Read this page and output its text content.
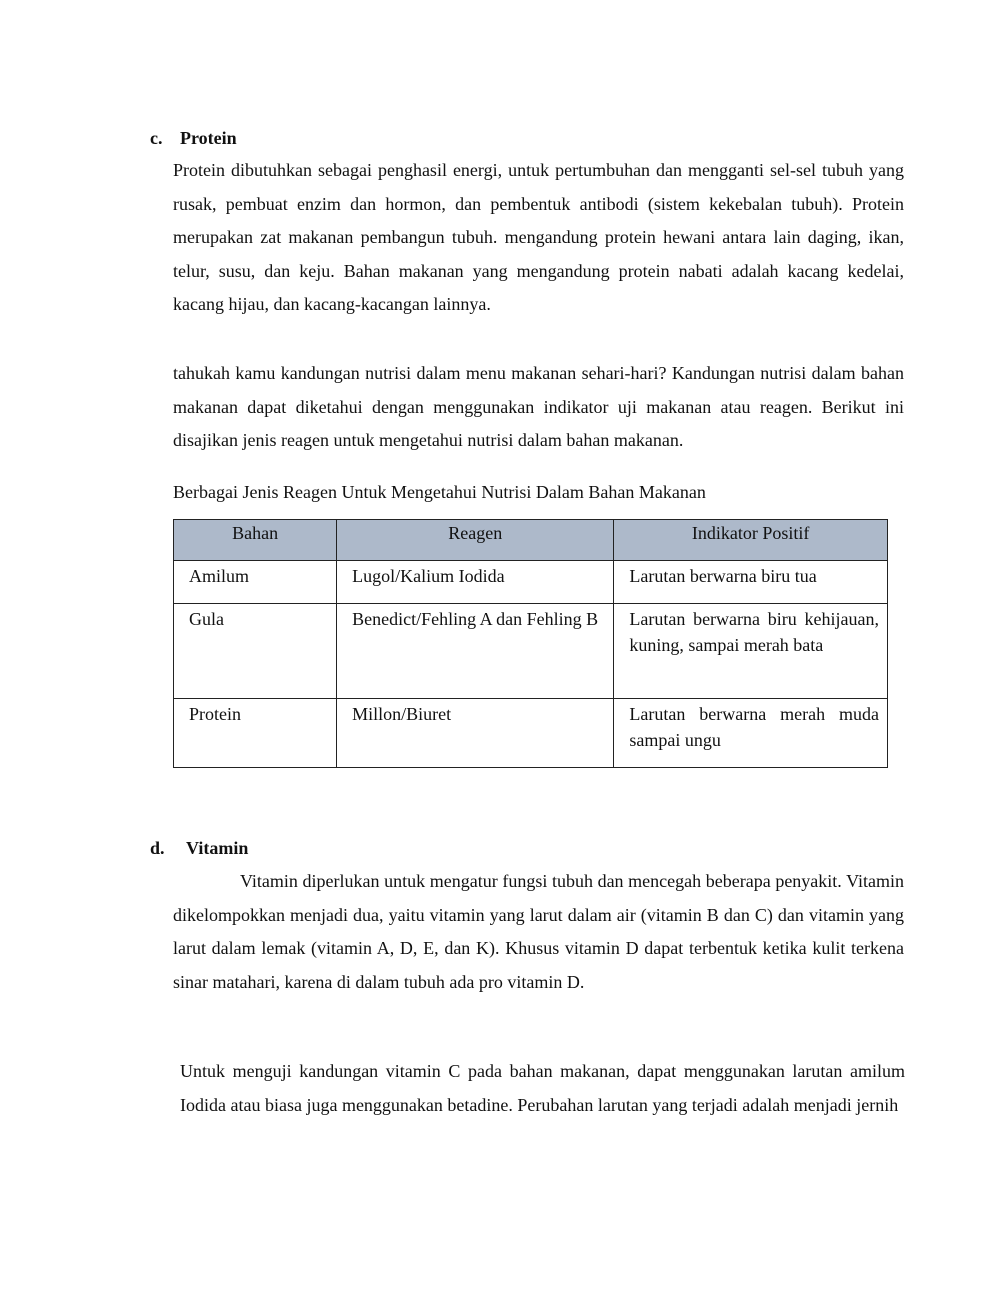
c. Protein

Protein dibutuhkan sebagai penghasil energi, untuk pertumbuhan dan mengganti sel-sel tubuh yang rusak, pembuat enzim dan hormon, dan pembentuk antibodi (sistem kekebalan tubuh). Protein merupakan zat makanan pembangun tubuh. mengandung protein hewani antara lain daging, ikan, telur, susu, dan keju. Bahan makanan yang mengandung protein nabati adalah kacang kedelai, kacang hijau, dan kacang-kacangan lainnya.

tahukah kamu kandungan nutrisi dalam menu makanan sehari-hari? Kandungan nutrisi dalam bahan makanan dapat diketahui dengan menggunakan indikator uji makanan atau reagen. Berikut ini disajikan jenis reagen untuk mengetahui nutrisi dalam bahan makanan.

Berbagai Jenis Reagen Untuk Mengetahui Nutrisi Dalam Bahan Makanan
Bahan	Reagen	Indikator Positif
Amilum	Lugol/Kalium Iodida	Larutan berwarna biru tua
Gula	Benedict/Fehling A dan Fehling B	Larutan berwarna biru kehijauan, kuning, sampai merah bata
Protein	Millon/Biuret	Larutan berwarna merah muda sampai ungu
d. Vitamin

Vitamin diperlukan untuk mengatur fungsi tubuh dan mencegah beberapa penyakit. Vitamin dikelompokkan menjadi dua, yaitu vitamin yang larut dalam air (vitamin B dan C) dan vitamin yang larut dalam lemak (vitamin A, D, E, dan K). Khusus vitamin D dapat terbentuk ketika kulit terkena sinar matahari, karena di dalam tubuh ada pro vitamin D.

Untuk menguji kandungan vitamin C pada bahan makanan, dapat menggunakan larutan amilum Iodida atau biasa juga menggunakan betadine. Perubahan larutan yang terjadi adalah menjadi jernih
